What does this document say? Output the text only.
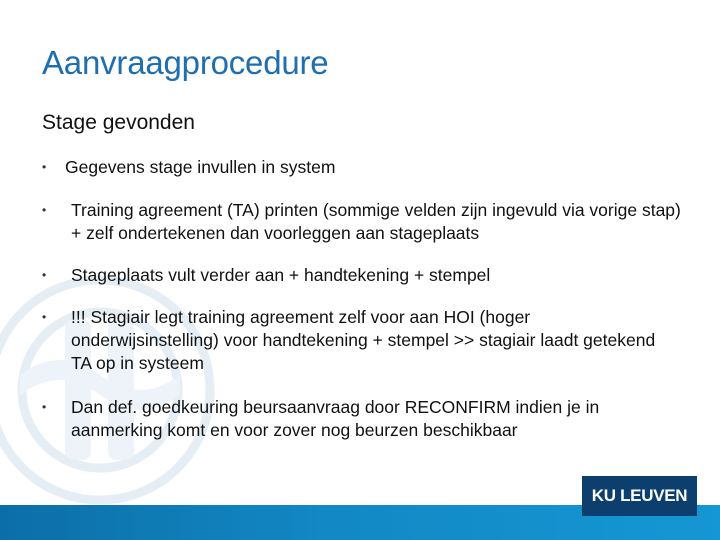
Aanvraagprocedure
Stage gevonden
• Gegevens stage invullen in system
• Training agreement (TA) printen (sommige velden zijn ingevuld via vorige stap) + zelf ondertekenen dan voorleggen aan stageplaats
• Stageplaats vult verder aan + handtekening + stempel
• !!! Stagiair legt training agreement zelf voor aan HOI (hoger onderwijsinstelling) voor handtekening + stempel >> stagiair laadt getekend TA op in systeem
• Dan def. goedkeuring beursaanvraag door RECONFIRM indien je in aanmerking komt en voor zover nog beurzen beschikbaar
KU LEUVEN
